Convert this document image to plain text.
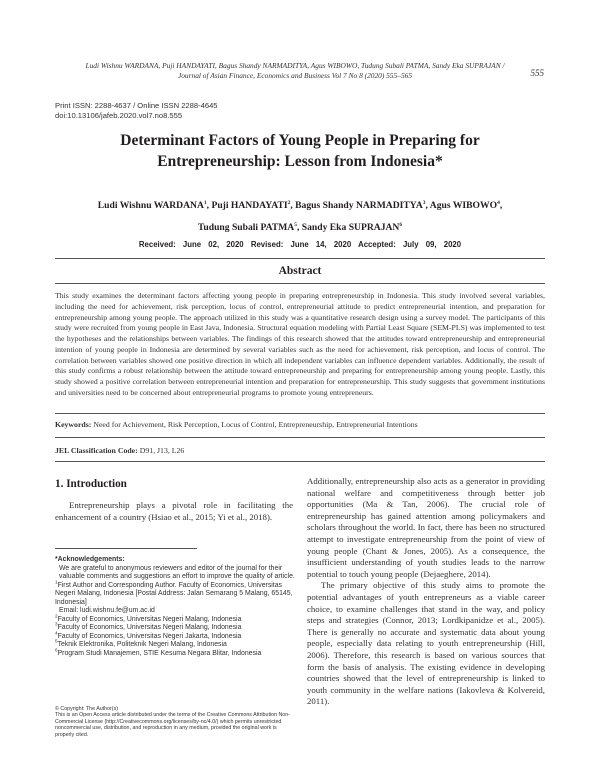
Ludi Wishnu WARDANA, Puji HANDAYATI, Bagus Shandy NARMADITYA, Agus WIBOWO, Tudung Subali PATMA, Sandy Eka SUPRAJAN /
Journal of Asian Finance, Economics and Business Vol 7 No 8 (2020) 555–565	555
Print ISSN: 2288-4637 / Online ISSN 2288-4645
doi:10.13106/jafeb.2020.vol7.no8.555
Determinant Factors of Young People in Preparing for
Entrepreneurship: Lesson from Indonesia*
Ludi Wishnu WARDANA$^1$, Puji HANDAYATI$^2$, Bagus Shandy NARMADITYA$^3$, Agus WIBOWO$^4$,
Tudung Subali PATMA$^5$, Sandy Eka SUPRAJAN$^6$
Received: June 02, 2020 Revised: June 14, 2020 Accepted: July 09, 2020
Abstract
This study examines the determinant factors affecting young people in preparing entrepreneurship in Indonesia. This study involved several variables, including the need for achievement, risk perception, locus of control, entrepreneurial attitude to predict entrepreneurial intention, and preparation for entrepreneurship among young people. The approach utilized in this study was a quantitative research design using a survey model. The participants of this study were recruited from young people in East Java, Indonesia. Structural equation modeling with Partial Least Square (SEM-PLS) was implemented to test the hypotheses and the relationships between variables. The findings of this research showed that the attitudes toward entrepreneurship and entrepreneurial intention of young people in Indonesia are determined by several variables such as the need for achievement, risk perception, and locus of control. The correlation between variables showed one positive direction in which all independent variables can influence dependent variables. Additionally, the result of this study confirms a robust relationship between the attitude toward entrepreneurship and preparing for entrepreneurship among young people. Lastly, this study showed a positive correlation between entrepreneurial intention and preparation for entrepreneurship. This study suggests that government institutions and universities need to be concerned about entrepreneurial programs to promote young entrepreneurs.
Keywords: Need for Achievement, Risk Perception, Locus of Control, Entrepreneurship, Entrepreneurial Intentions
JEL Classification Code: D91, J13, L26
1. Introduction
Entrepreneurship plays a pivotal role in facilitating the enhancement of a country (Hsiao et al., 2015; Yi et al., 2018).

*Acknowledgements:

We are grateful to anonymous reviewers and editor of the journal for their valuable comments and suggestions an effort to improve the quality of article.

$^1$First Author and Corresponding Author. Faculty of Economics, Universitas Negeri Malang, Indonesia [Postal Address: Jalan Semarang 5 Malang, 65145, Indonesia]

Email: ludi.wishnu.fe@um.ac.id

$^2$Faculty of Economics, Universitas Negeri Malang, Indonesia

$^3$Faculty of Economics, Universitas Negeri Malang, Indonesia

$^4$Faculty of Economics, Universitas Negeri Jakarta, Indonesia

$^5$Teknik Elektronika, Politeknik Negeri Malang, Indonesia

$^6$Program Studi Manajemen, STIE Kesuma Negara Blitar, Indonesia

© Copyright: The Author(s)
This is an Open Access article distributed under the terms of the Creative Commons Attribution Non-Commercial License (http://Creativecommons.org/licenses/by-nc/4.0/) which permits unrestricted noncommercial use, distribution, and reproduction in any medium, provided the original work is properly cited.

Additionally, entrepreneurship also acts as a generator in providing national welfare and competitiveness through better job opportunities (Ma & Tan, 2006). The crucial role of entrepreneurship has gained attention among policymakers and scholars throughout the world. In fact, there has been no structured attempt to investigate entrepreneurship from the point of view of young people (Chant & Jones, 2005). As a consequence, the insufficient understanding of youth studies leads to the narrow potential to touch young people (Dejaeghere, 2014).

The primary objective of this study aims to promote the potential advantages of youth entrepreneurs as a viable career choice, to examine challenges that stand in the way, and policy steps and strategies (Connor, 2013; Lordkipanidze et al., 2005). There is generally no accurate and systematic data about young people, especially data relating to youth entrepreneurship (Hill, 2006). Therefore, this research is based on various sources that form the basis of analysis. The existing evidence in developing countries showed that the level of entrepreneurship is linked to youth community in the welfare nations (Iakovleva & Kolvereid, 2011).
